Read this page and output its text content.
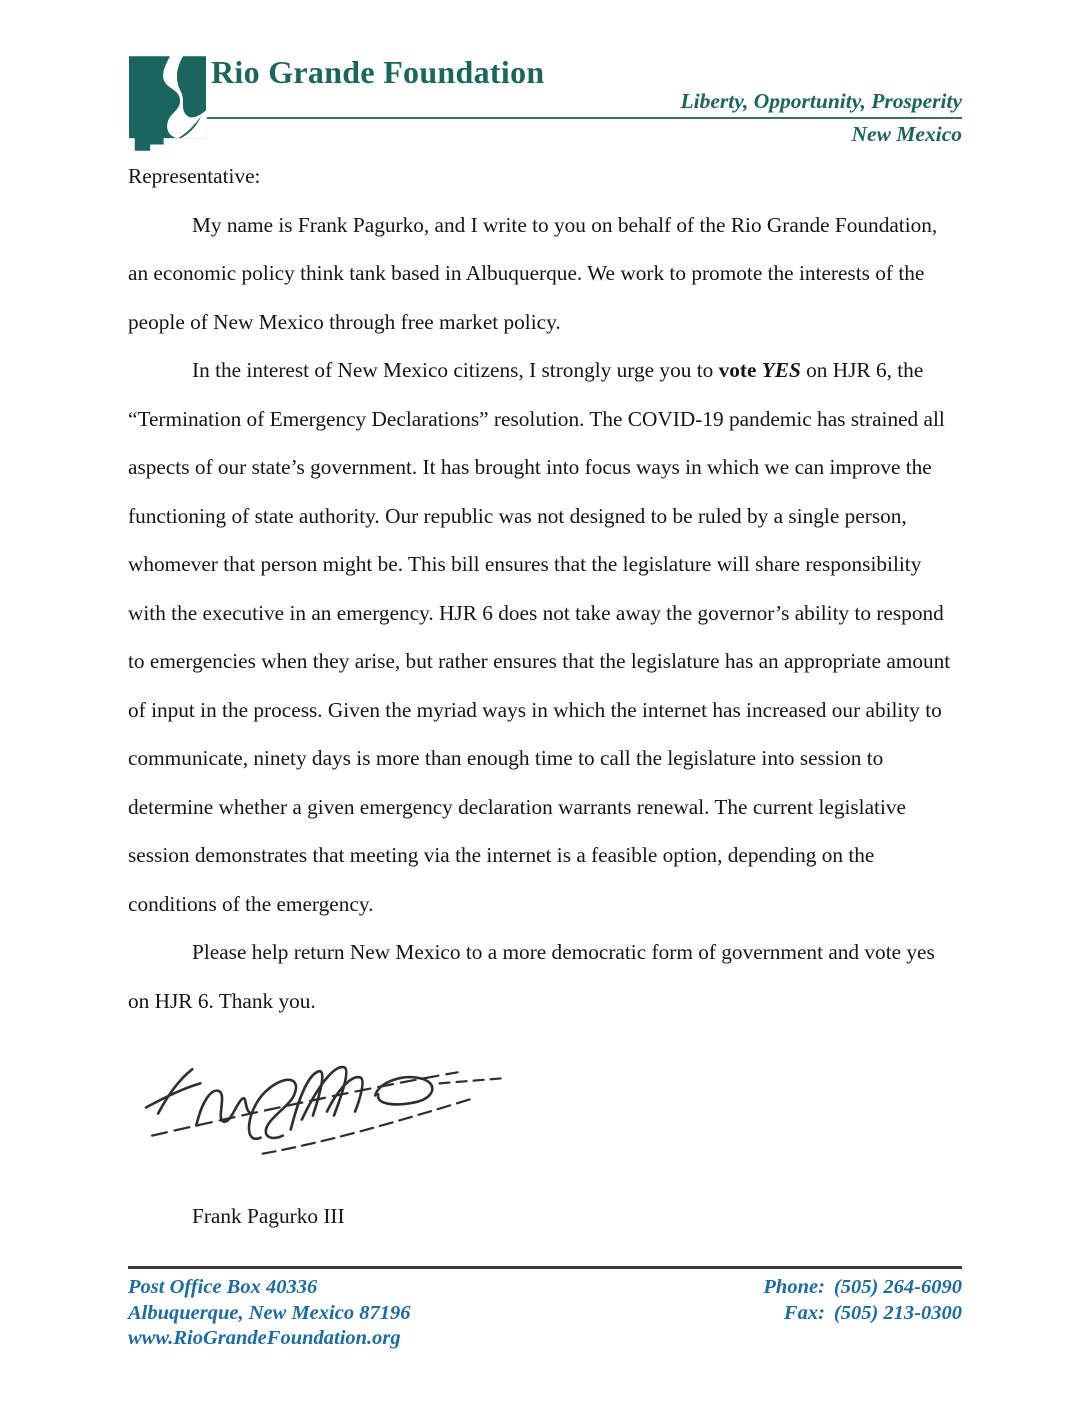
Rio Grande Foundation
Liberty, Opportunity, Prosperity
New Mexico

Representative:

My name is Frank Pagurko, and I write to you on behalf of the Rio Grande Foundation, an economic policy think tank based in Albuquerque. We work to promote the interests of the people of New Mexico through free market policy.

In the interest of New Mexico citizens, I strongly urge you to vote YES on HJR 6, the “Termination of Emergency Declarations” resolution. The COVID-19 pandemic has strained all aspects of our state’s government. It has brought into focus ways in which we can improve the functioning of state authority. Our republic was not designed to be ruled by a single person, whomever that person might be. This bill ensures that the legislature will share responsibility with the executive in an emergency. HJR 6 does not take away the governor’s ability to respond to emergencies when they arise, but rather ensures that the legislature has an appropriate amount of input in the process. Given the myriad ways in which the internet has increased our ability to communicate, ninety days is more than enough time to call the legislature into session to determine whether a given emergency declaration warrants renewal. The current legislative session demonstrates that meeting via the internet is a feasible option, depending on the conditions of the emergency.

Please help return New Mexico to a more democratic form of government and vote yes on HJR 6. Thank you.

Frank Pagurko III
Post Office Box 40336
Albuquerque, New Mexico 87196
www.RioGrandeFoundation.org
Phone: (505) 264-6090
Fax: (505) 213-0300
